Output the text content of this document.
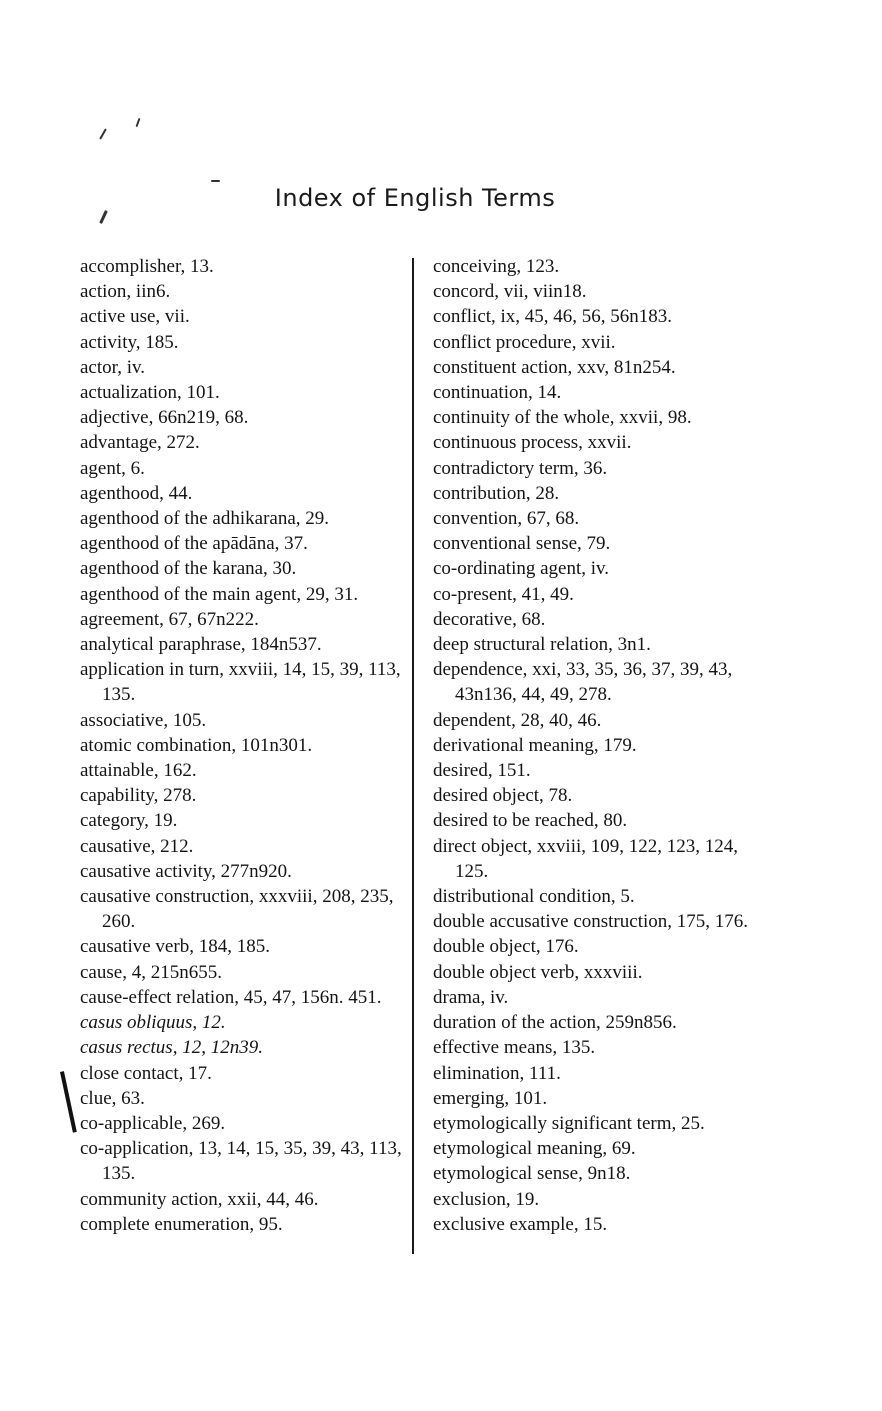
Index of English Terms
accomplisher, 13.
action, iin6.
active use, vii.
activity, 185.
actor, iv.
actualization, 101.
adjective, 66n219, 68.
advantage, 272.
agent, 6.
agenthood, 44.
agenthood of the adhikarana, 29.
agenthood of the apādāna, 37.
agenthood of the karana, 30.
agenthood of the main agent, 29, 31.
agreement, 67, 67n222.
analytical paraphrase, 184n537.
application in turn, xxviii, 14, 15, 39, 113, 135.
associative, 105.
atomic combination, 101n301.
attainable, 162.
capability, 278.
category, 19.
causative, 212.
causative activity, 277n920.
causative construction, xxxviii, 208, 235, 260.
causative verb, 184, 185.
cause, 4, 215n655.
cause-effect relation, 45, 47, 156n. 451.
casus obliquus, 12.
casus rectus, 12, 12n39.
close contact, 17.
clue, 63.
co-applicable, 269.
co-application, 13, 14, 15, 35, 39, 43, 113, 135.
community action, xxii, 44, 46.
complete enumeration, 95.
conceiving, 123.
concord, vii, viin18.
conflict, ix, 45, 46, 56, 56n183.
conflict procedure, xvii.
constituent action, xxv, 81n254.
continuation, 14.
continuity of the whole, xxvii, 98.
continuous process, xxvii.
contradictory term, 36.
contribution, 28.
convention, 67, 68.
conventional sense, 79.
co-ordinating agent, iv.
co-present, 41, 49.
decorative, 68.
deep structural relation, 3n1.
dependence, xxi, 33, 35, 36, 37, 39, 43, 43n136, 44, 49, 278.
dependent, 28, 40, 46.
derivational meaning, 179.
desired, 151.
desired object, 78.
desired to be reached, 80.
direct object, xxviii, 109, 122, 123, 124, 125.
distributional condition, 5.
double accusative construction, 175, 176.
double object, 176.
double object verb, xxxviii.
drama, iv.
duration of the action, 259n856.
effective means, 135.
elimination, 111.
emerging, 101.
etymologically significant term, 25.
etymological meaning, 69.
etymological sense, 9n18.
exclusion, 19.
exclusive example, 15.
